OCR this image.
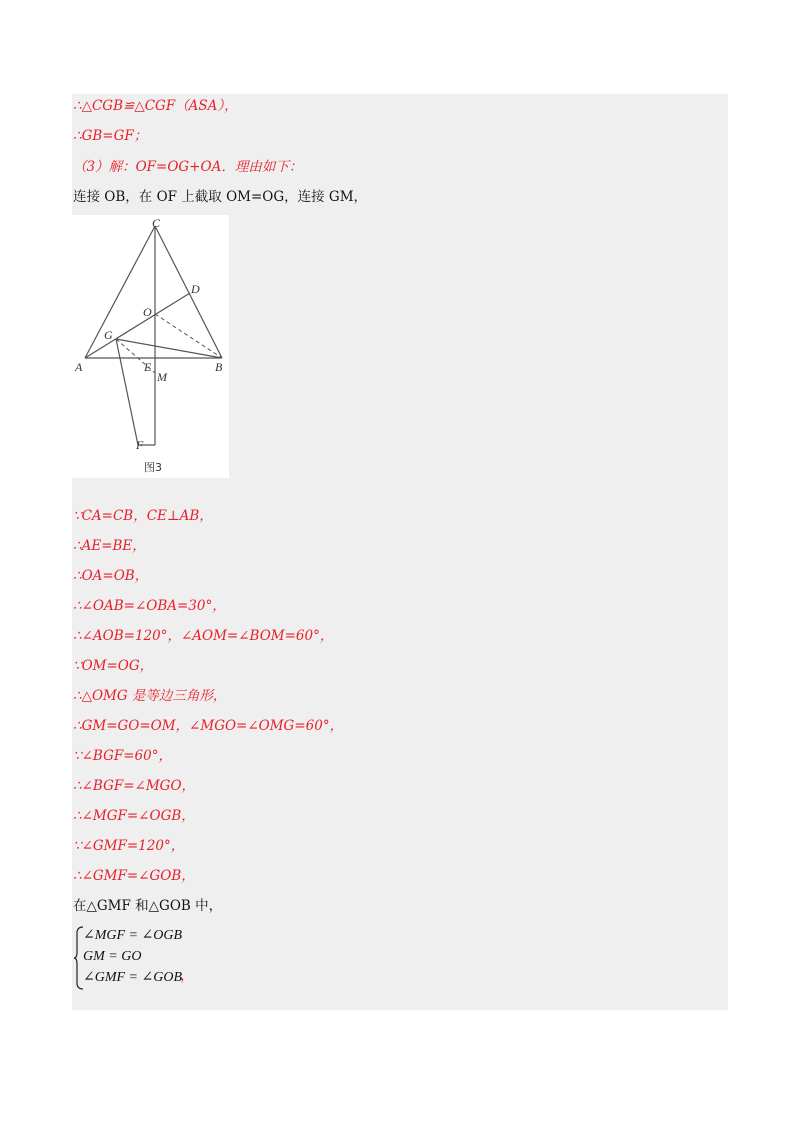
∴△CGB≌△CGF（ASA），
∴GB=GF；
（3）解：OF=OG+OA．理由如下：
连接 OB，在 OF 上截取 OM=OG，连接 GM，
C
D
O
G
A	E	B
M
F
图3
∵CA=CB，CE⊥AB，
∴AE=BE，
∴OA=OB，
∴∠OAB=∠OBA=30°，
∴∠AOB=120°，∠AOM=∠BOM=60°，
∵OM=OG，
∴△OMG 是等边三角形，
∴GM=GO=OM，∠MGO=∠OMG=60°，
∵∠BGF=60°，
∴∠BGF=∠MGO，
∴∠MGF=∠OGB，
∵∠GMF=120°，
∴∠GMF=∠GOB，
在△GMF 和△GOB 中，
∠MGF = ∠OGB
GM = GO
∠GMF = ∠GOB
，
